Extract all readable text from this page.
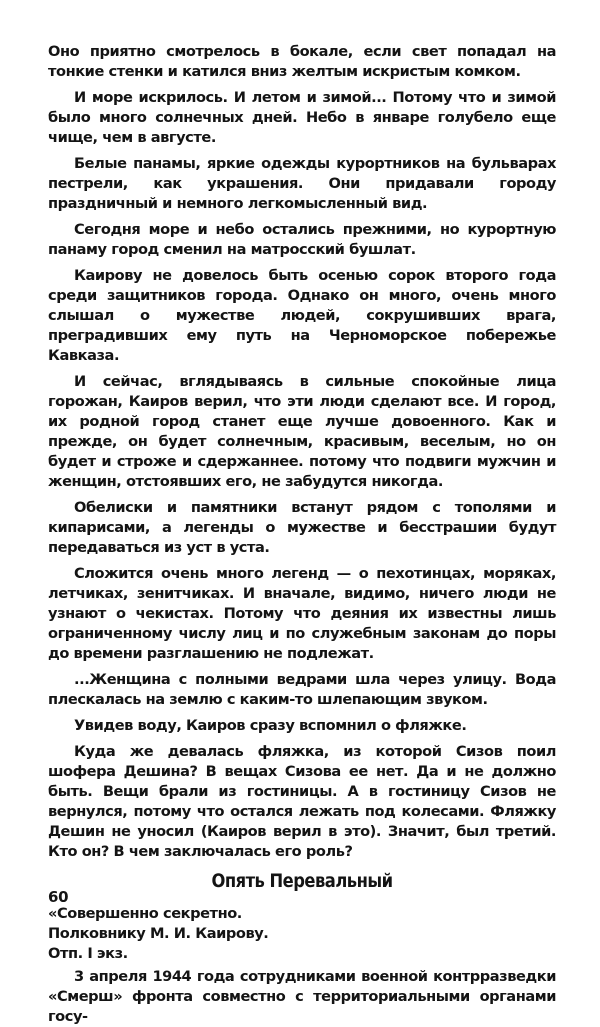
Оно приятно смотрелось в бокале, если свет попадал на тонкие стенки и катился вниз желтым искристым комком.

И море искрилось. И летом и зимой... Потому что и зимой было много солнечных дней. Небо в январе голубело еще чище, чем в августе.

Белые панамы, яркие одежды курортников на бульварах пестрели, как украшения. Они придавали городу праздничный и немного легкомысленный вид.

Сегодня море и небо остались прежними, но курортную панаму город сменил на матросский бушлат.

Каирову не довелось быть осенью сорок второго года среди защитников города. Однако он много, очень много слышал о мужестве людей, сокрушивших врага, преградивших ему путь на Черноморское побережье Кавказа.

И сейчас, вглядываясь в сильные спокойные лица горожан, Каиров верил, что эти люди сделают все. И город, их родной город станет еще лучше довоенного. Как и прежде, он будет солнечным, красивым, веселым, но он будет и строже и сдержаннее. потому что подвиги мужчин и женщин, отстоявших его, не забудутся никогда.

Обелиски и памятники встанут рядом с тополями и кипарисами, а легенды о мужестве и бесстрашии будут передаваться из уст в уста.

Сложится очень много легенд — о пехотинцах, моряках, летчиках, зенитчиках. И вначале, видимо, ничего люди не узнают о чекистах. Потому что деяния их известны лишь ограниченному числу лиц и по служебным законам до поры до времени разглашению не подлежат.

...Женщина с полными ведрами шла через улицу. Вода плескалась на землю с каким-то шлепающим звуком.

Увидев воду, Каиров сразу вспомнил о фляжке.

Куда же девалась фляжка, из которой Сизов поил шофера Дешина? В вещах Сизова ее нет. Да и не должно быть. Вещи брали из гостиницы. А в гостиницу Сизов не вернулся, потому что остался лежать под колесами. Фляжку Дешин не уносил (Каиров верил в это). Значит, был третий. Кто он? В чем заключалась его роль?

Опять Перевальный

«Совершенно секретно.

Полковнику М. И. Каирову.

Отп. I экз.

3 апреля 1944 года сотрудниками военной контрразведки «Смерш» фронта совместно с территориальными органами госу-

60
